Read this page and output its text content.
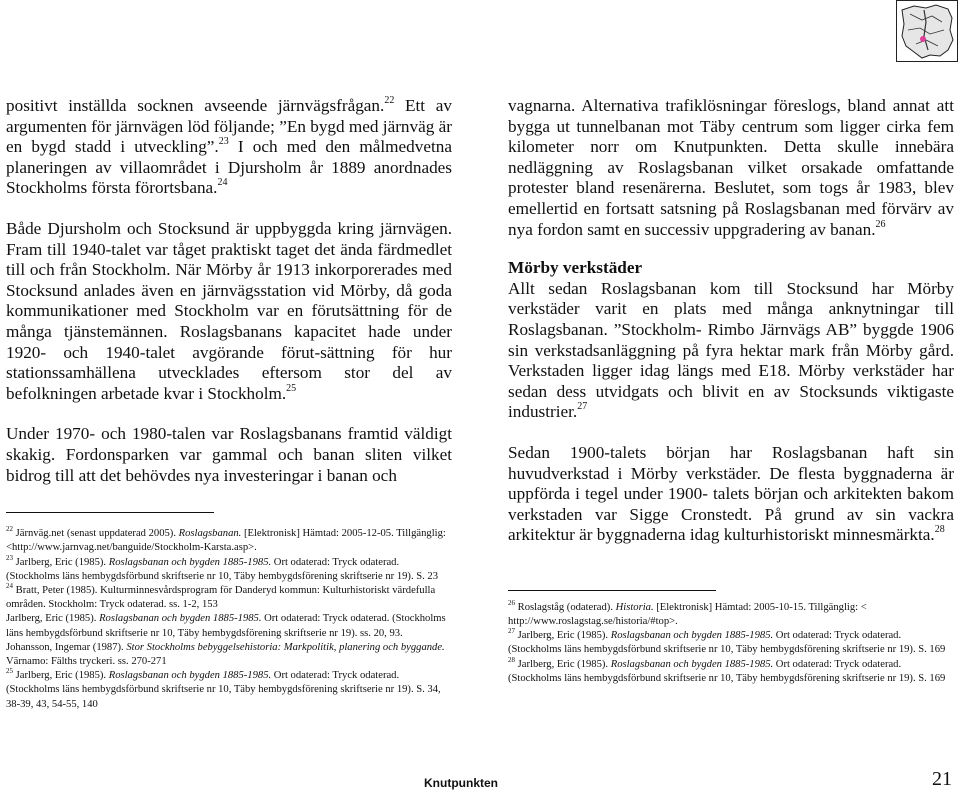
positivt inställda socknen avseende järnvägsfrågan.$^{22}$ Ett av argumenten för järnvägen löd följande; ”En bygd med järnväg är en bygd stadd i utveckling”.$^{23}$ I och med den målmedvetna planeringen av villaområdet i Djursholm år 1889 anordnades Stockholms första förortsbana.$^{24}$

Både Djursholm och Stocksund är uppbyggda kring järnvägen. Fram till 1940-talet var tåget praktiskt taget det ända färdmedlet till och från Stockholm. När Mörby år 1913 inkorporerades med Stocksund anlades även en järnvägsstation vid Mörby, då goda kommunikationer med Stockholm var en förutsättning för de många tjänstemännen. Roslagsbanans kapacitet hade under 1920- och 1940-talet avgörande förut-sättning för hur stationssamhällena utvecklades eftersom stor del av befolkningen arbetade kvar i Stockholm.$^{25}$

Under 1970- och 1980-talen var Roslagsbanans framtid väldigt skakig. Fordonsparken var gammal och banan sliten vilket bidrog till att det behövdes nya investeringar i banan och

$^{22}$ Järnväg.net (senast uppdaterad 2005). Roslagsbanan. [Elektronisk] Hämtad: 2005-12-05. Tillgänglig: <http://www.jarnvag.net/banguide/Stockholm-Karsta.asp>.

$^{23}$ Jarlberg, Eric (1985). Roslagsbanan och bygden 1885-1985. Ort odaterad: Tryck odaterad. (Stockholms läns hembygdsförbund skriftserie nr 10, Täby hembygdsförening skriftserie nr 19). S. 23

$^{24}$ Bratt, Peter (1985). Kulturminnesvårdsprogram för Danderyd kommun: Kulturhistoriskt värdefulla områden. Stockholm: Tryck odaterad. ss. 1-2, 153

Jarlberg, Eric (1985). Roslagsbanan och bygden 1885-1985. Ort odaterad: Tryck odaterad. (Stockholms läns hembygdsförbund skriftserie nr 10, Täby hembygdsförening skriftserie nr 19). ss. 20, 93.

Johansson, Ingemar (1987). Stor Stockholms bebyggelsehistoria: Markpolitik, planering och byggande. Värnamo: Fälths tryckeri. ss. 270-271

$^{25}$ Jarlberg, Eric (1985). Roslagsbanan och bygden 1885-1985. Ort odaterad: Tryck odaterad. (Stockholms läns hembygdsförbund skriftserie nr 10, Täby hembygdsförening skriftserie nr 19). S. 34, 38-39, 43, 54-55, 140

vagnarna. Alternativa trafiklösningar föreslogs, bland annat att bygga ut tunnelbanan mot Täby centrum som ligger cirka fem kilometer norr om Knutpunkten. Detta skulle innebära nedläggning av Roslagsbanan vilket orsakade omfattande protester bland resenärerna. Beslutet, som togs år 1983, blev emellertid en fortsatt satsning på Roslagsbanan med förvärv av nya fordon samt en successiv uppgradering av banan.$^{26}$

Mörby verkstäder

Allt sedan Roslagsbanan kom till Stocksund har Mörby verkstäder varit en plats med många anknytningar till Roslagsbanan. ”Stockholm- Rimbo Järnvägs AB” byggde 1906 sin verkstadsanläggning på fyra hektar mark från Mörby gård. Verkstaden ligger idag längs med E18. Mörby verkstäder har sedan dess utvidgats och blivit en av Stocksunds viktigaste industrier.$^{27}$

Sedan 1900-talets början har Roslagsbanan haft sin huvudverkstad i Mörby verkstäder. De flesta byggnaderna är uppförda i tegel under 1900- talets början och arkitekten bakom verkstaden var Sigge Cronstedt. På grund av sin vackra arkitektur är byggnaderna idag kulturhistoriskt minnesmärkta.$^{28}$

$^{26}$ Roslagståg (odaterad). Historia. [Elektronisk] Hämtad: 2005-10-15. Tillgänglig: < http://www.roslagstag.se/historia/#top>.

$^{27}$ Jarlberg, Eric (1985). Roslagsbanan och bygden 1885-1985. Ort odaterad: Tryck odaterad. (Stockholms läns hembygdsförbund skriftserie nr 10, Täby hembygdsförening skriftserie nr 19). S. 169

$^{28}$ Jarlberg, Eric (1985). Roslagsbanan och bygden 1885-1985. Ort odaterad: Tryck odaterad. (Stockholms läns hembygdsförbund skriftserie nr 10, Täby hembygdsförening skriftserie nr 19). S. 169

Knutpunkten	21
